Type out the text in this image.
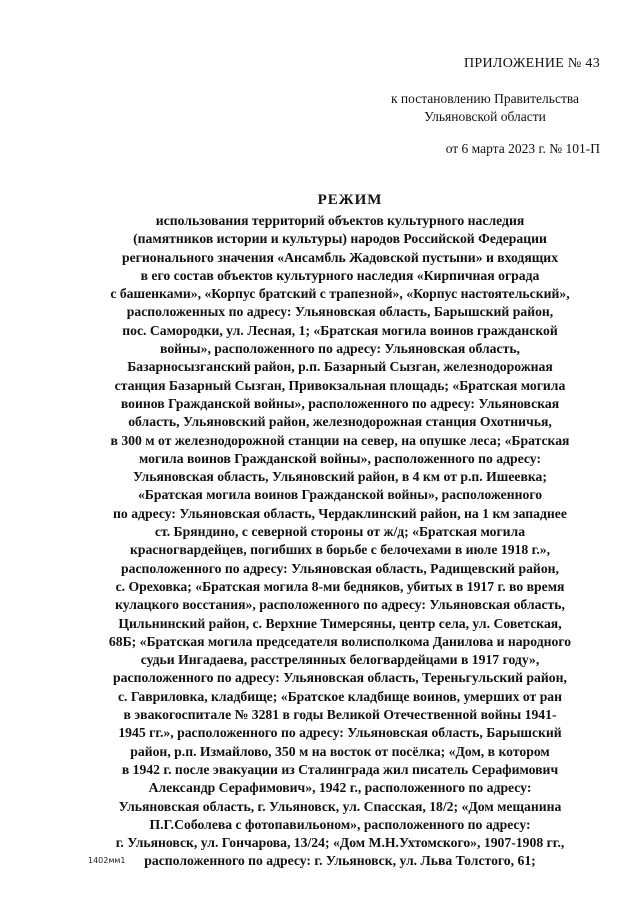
ПРИЛОЖЕНИЕ № 43
к постановлению Правительства
Ульяновской области
от 6 марта 2023 г. № 101-П
РЕЖИМ
использования территорий объектов культурного наследия
(памятников истории и культуры) народов Российской Федерации
регионального значения «Ансамбль Жадовской пустыни» и входящих
в его состав объектов культурного наследия «Кирпичная ограда
с башенками», «Корпус братский с трапезной», «Корпус настоятельский»,
расположенных по адресу: Ульяновская область, Барышский район,
пос. Самородки, ул. Лесная, 1; «Братская могила воинов гражданской
войны», расположенного по адресу: Ульяновская область,
Базарносызганский район, р.п. Базарный Сызган, железнодорожная
станция Базарный Сызган, Привокзальная площадь; «Братская могила
воинов Гражданской войны», расположенного по адресу: Ульяновская
область, Ульяновский район, железнодорожная станция Охотничья,
в 300 м от железнодорожной станции на север, на опушке леса; «Братская
могила воинов Гражданской войны», расположенного по адресу:
Ульяновская область, Ульяновский район, в 4 км от р.п. Ишеевка;
«Братская могила воинов Гражданской войны», расположенного
по адресу: Ульяновская область, Чердаклинский район, на 1 км западнее
ст. Бряндино, с северной стороны от ж/д; «Братская могила
красногвардейцев, погибших в борьбе с белочехами в июле 1918 г.»,
расположенного по адресу: Ульяновская область, Радищевский район,
с. Ореховка; «Братская могила 8-ми бедняков, убитых в 1917 г. во время
кулацкого восстания», расположенного по адресу: Ульяновская область,
Цильнинский район, с. Верхние Тимерсяны, центр села, ул. Советская,
68Б; «Братская могила председателя волисполкома Данилова и народного
судьи Ингадаева, расстрелянных белогвардейцами в 1917 году»,
расположенного по адресу: Ульяновская область, Тереньгульский район,
с. Гавриловка, кладбище; «Братское кладбище воинов, умерших от ран
в эвакогоспитале № 3281 в годы Великой Отечественной войны 1941-
1945 гг.», расположенного по адресу: Ульяновская область, Барышский
район, р.п. Измайлово, 350 м на восток от посёлка; «Дом, в котором
в 1942 г. после эвакуации из Сталинграда жил писатель Серафимович
Александр Серафимович», 1942 г., расположенного по адресу:
Ульяновская область, г. Ульяновск, ул. Спасская, 18/2; «Дом мещанина
П.Г.Соболева с фотопавильоном», расположенного по адресу:
г. Ульяновск, ул. Гончарова, 13/24; «Дом М.Н.Ухтомского», 1907-1908 гг.,
расположенного по адресу: г. Ульяновск, ул. Льва Толстого, 61;
1402мм1
